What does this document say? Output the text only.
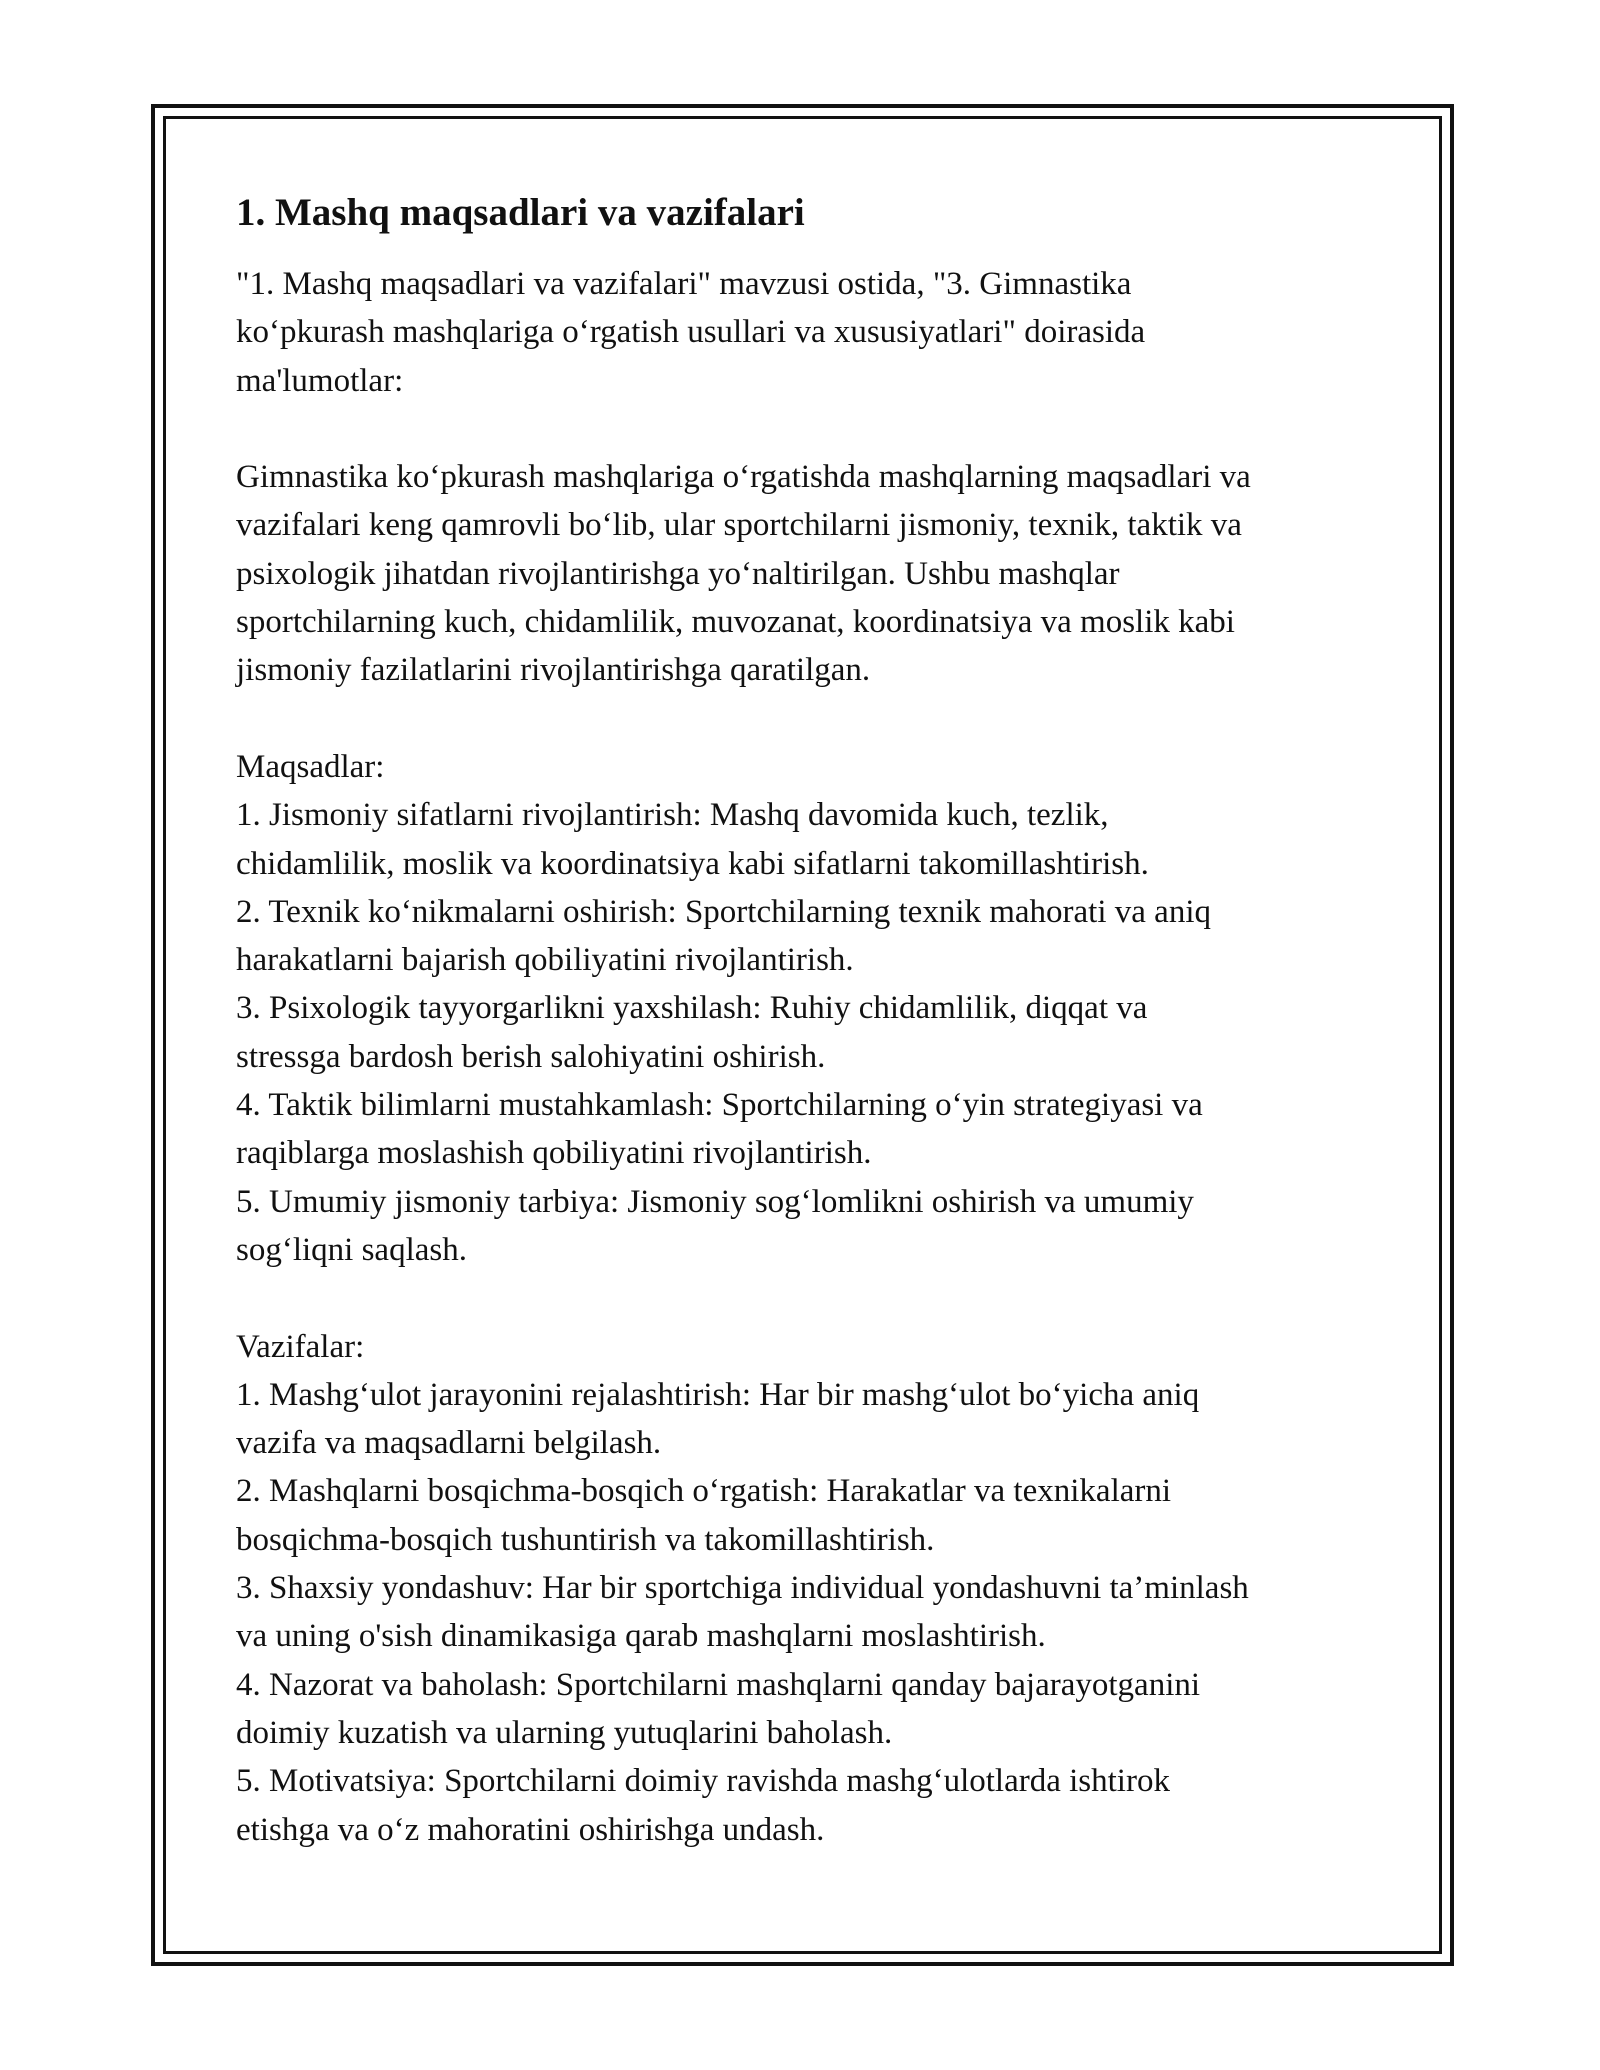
1. Mashq maqsadlari va vazifalari

"1. Mashq maqsadlari va vazifalari" mavzusi ostida, "3. Gimnastika
ko‘pkurash mashqlariga o‘rgatish usullari va xususiyatlari" doirasida
ma'lumotlar:

Gimnastika ko‘pkurash mashqlariga o‘rgatishda mashqlarning maqsadlari va
vazifalari keng qamrovli bo‘lib, ular sportchilarni jismoniy, texnik, taktik va
psixologik jihatdan rivojlantirishga yo‘naltirilgan. Ushbu mashqlar
sportchilarning kuch, chidamlilik, muvozanat, koordinatsiya va moslik kabi
jismoniy fazilatlarini rivojlantirishga qaratilgan.

Maqsadlar:

1. Jismoniy sifatlarni rivojlantirish: Mashq davomida kuch, tezlik,
chidamlilik, moslik va koordinatsiya kabi sifatlarni takomillashtirish.

2. Texnik ko‘nikmalarni oshirish: Sportchilarning texnik mahorati va aniq
harakatlarni bajarish qobiliyatini rivojlantirish.

3. Psixologik tayyorgarlikni yaxshilash: Ruhiy chidamlilik, diqqat va
stressga bardosh berish salohiyatini oshirish.

4. Taktik bilimlarni mustahkamlash: Sportchilarning o‘yin strategiyasi va
raqiblarga moslashish qobiliyatini rivojlantirish.

5. Umumiy jismoniy tarbiya: Jismoniy sog‘lomlikni oshirish va umumiy
sog‘liqni saqlash.

Vazifalar:

1. Mashg‘ulot jarayonini rejalashtirish: Har bir mashg‘ulot bo‘yicha aniq
vazifa va maqsadlarni belgilash.

2. Mashqlarni bosqichma-bosqich o‘rgatish: Harakatlar va texnikalarni
bosqichma-bosqich tushuntirish va takomillashtirish.

3. Shaxsiy yondashuv: Har bir sportchiga individual yondashuvni ta’minlash
va uning o'sish dinamikasiga qarab mashqlarni moslashtirish.

4. Nazorat va baholash: Sportchilarni mashqlarni qanday bajarayotganini
doimiy kuzatish va ularning yutuqlarini baholash.

5. Motivatsiya: Sportchilarni doimiy ravishda mashg‘ulotlarda ishtirok
etishga va o‘z mahoratini oshirishga undash.
